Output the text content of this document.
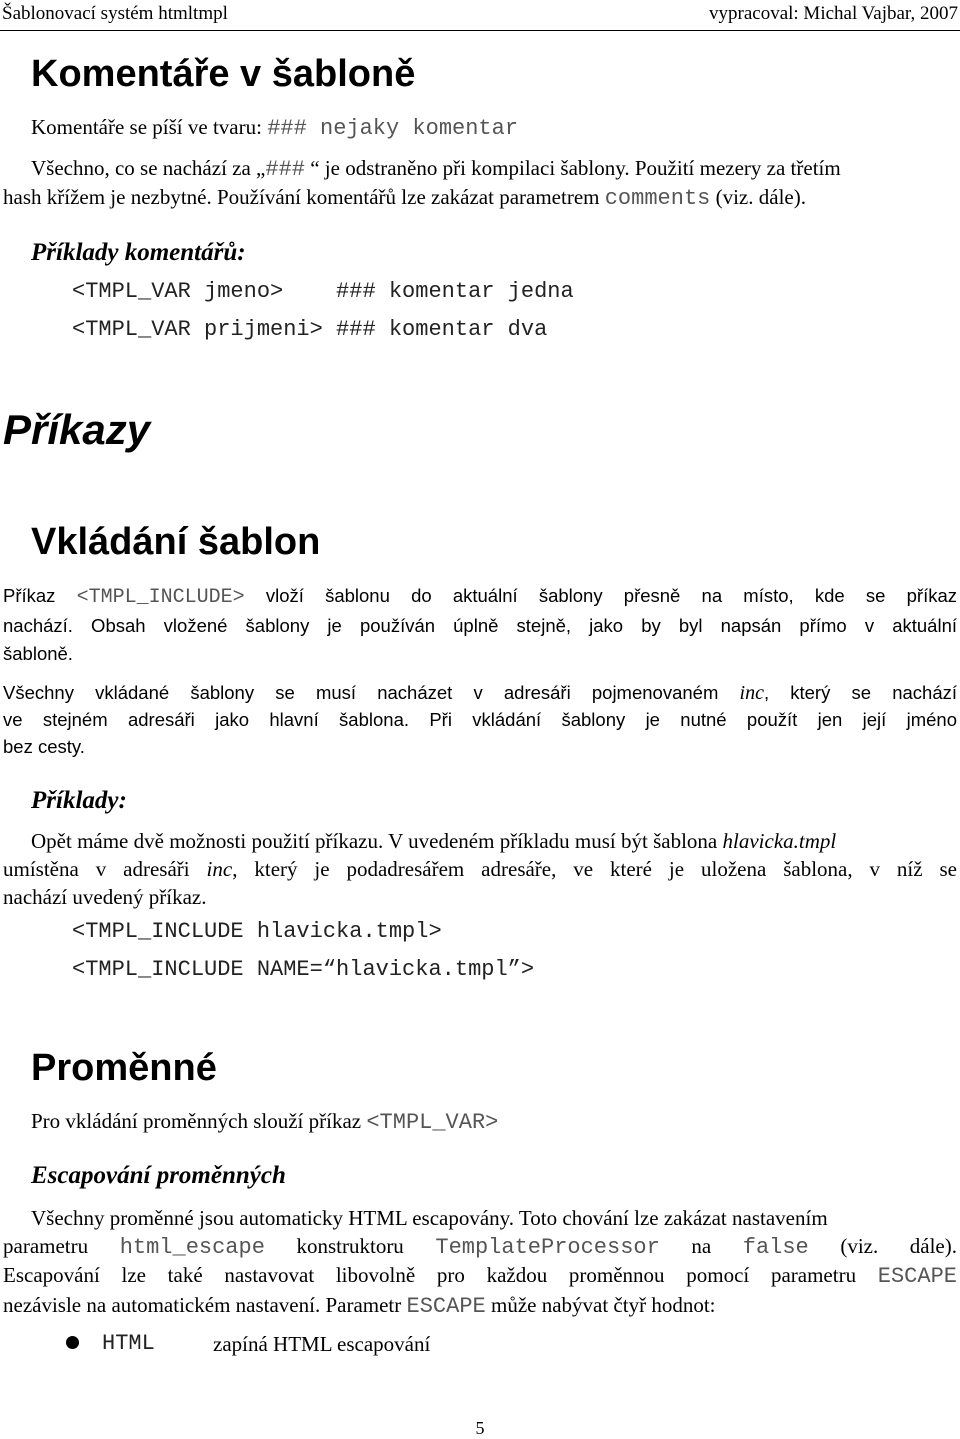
Šablonovací systém htmltmpl	vypracoval: Michal Vajbar, 2007
Komentáře v šabloně
Komentáře se píší ve tvaru: ### nejaky komentar
Všechno, co se nachází za „### “ je odstraněno při kompilaci šablony. Použití mezery za třetím
hash křížem je nezbytné. Používání komentářů lze zakázat parametrem comments (viz. dále).
Příklady komentářů:
<TMPL_VAR jmeno>    ### komentar jedna
<TMPL_VAR prijmeni> ### komentar dva
Příkazy
Vkládání šablon
Příkaz <TMPL_INCLUDE> vloží šablonu do aktuální šablony přesně na místo, kde se příkaz
nachází. Obsah vložené šablony je používán úplně stejně, jako by byl napsán přímo v aktuální
šabloně.
Všechny vkládané šablony se musí nacházet v adresáři pojmenovaném inc, který se nachází
ve stejném adresáři jako hlavní šablona. Při vkládání šablony je nutné použít jen její jméno
bez cesty.
Příklady:
Opět máme dvě možnosti použití příkazu. V uvedeném příkladu musí být šablona hlavicka.tmpl
umístěna v adresáři inc, který je podadresářem adresáře, ve které je uložena šablona, v níž se
nachází uvedený příkaz.
<TMPL_INCLUDE hlavicka.tmpl>
<TMPL_INCLUDE NAME=“hlavicka.tmpl”>
Proměnné
Pro vkládání proměnných slouží příkaz <TMPL_VAR>
Escapování proměnných
Všechny proměnné jsou automaticky HTML escapovány. Toto chování lze zakázat nastavením
parametru html_escape konstruktoru TemplateProcessor na false (viz. dále).
Escapování lze také nastavovat libovolně pro každou proměnnou pomocí parametru ESCAPE
nezávisle na automatickém nastavení. Parametr ESCAPE může nabývat čtyř hodnot:
HTML	zapíná HTML escapování
5
